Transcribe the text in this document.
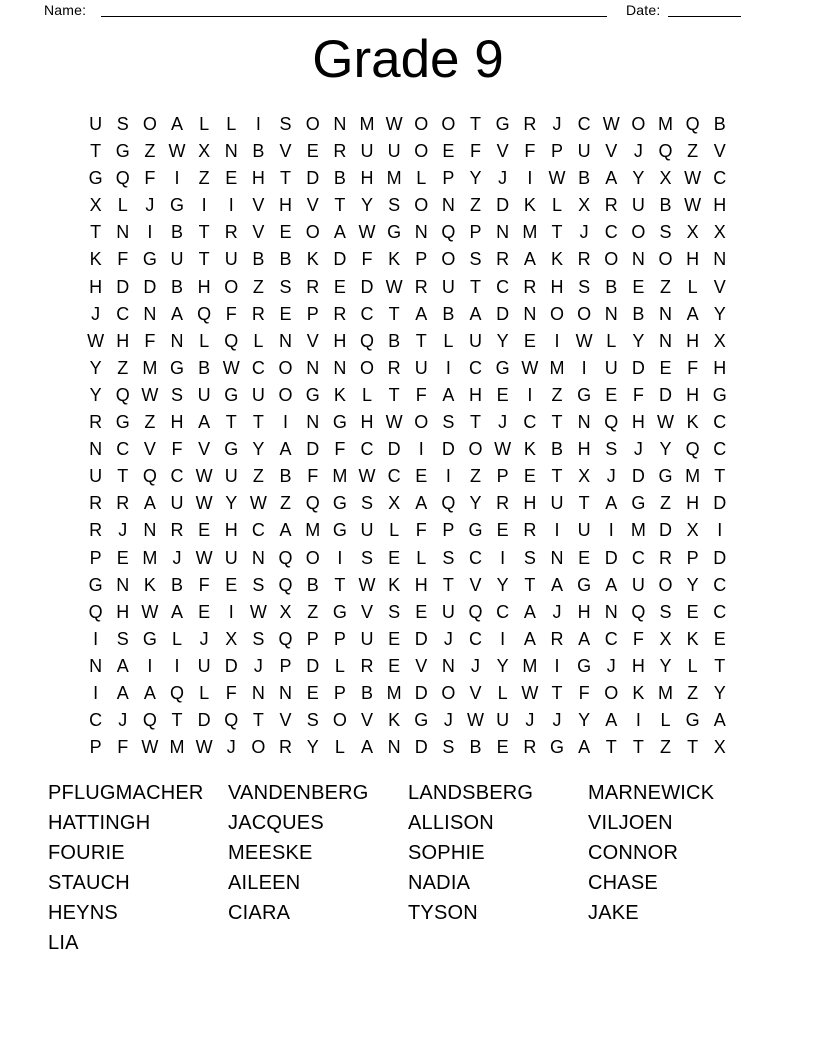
Name:	Date:
Grade 9
U S O A L L	I	S O N M W O O T G R J C W O M Q B
T G Z W X N B V E R U U O E F V F P U V J Q Z V
G Q F	I	Z E H T D B H M L P Y J	I W B A Y X W C
X L J G I	I	V H V T Y S O N Z D K L X R U B W H
T N	I	B T R V E O A W G N Q P N M T J C O S X X
K F G U T U B B K D F K P O S R A K R O N O H N
H D D B H O Z S R E D W R U T C R H S B E Z L V
J C N A Q F R E P R C T A B A D N O O N B N A Y
W H F N L Q L N V H Q B T L U Y E	I W L Y N H X
Y Z M G B W C O N N O R U	I	C G W M I	U D E F H
Y Q W S U G U O G K L T F A H E	I	Z G E F D H G
R G Z H A T T	I	N G H W O S T J C T N Q H W K C
N C V F V G Y A D F C D	I	D O W K B H S J Y Q C
U T Q C W U Z B F M W C E	I	Z P E T X J D G M T
R R A U W Y W Z Q G S X A Q Y R H U T A G Z H D
R J N R E H C A M G U L F P G E R	I	U	I M D X	I
P E M J W U N Q O I	S E L S C	I	S N E D C R P D
G N K B F E S Q B T W K H T V Y T A G A U O Y C
Q H W A E	I W X Z G V S E U Q C A J H N Q S E C
I	S G L J X S Q P P U E D J C	I	A R A C F X K E
N A	I	I	U D J P D L R E V N J Y M I G J H Y L T
I	A A Q L F N N E P B M D O V L W T F O K M Z Y
C J Q T D Q T V S O V K G J W U J	J Y A	I	L G A
P F W M W J O R Y L A N D S B E R G A T T Z T X
PFLUGMACHER
HATTINGH
FOURIE
STAUCH
HEYNS
LIA
VANDENBERG
JACQUES
MEESKE
AILEEN
CIARA
LANDSBERG
ALLISON
SOPHIE
NADIA
TYSON
MARNEWICK
VILJOEN
CONNOR
CHASE
JAKE
